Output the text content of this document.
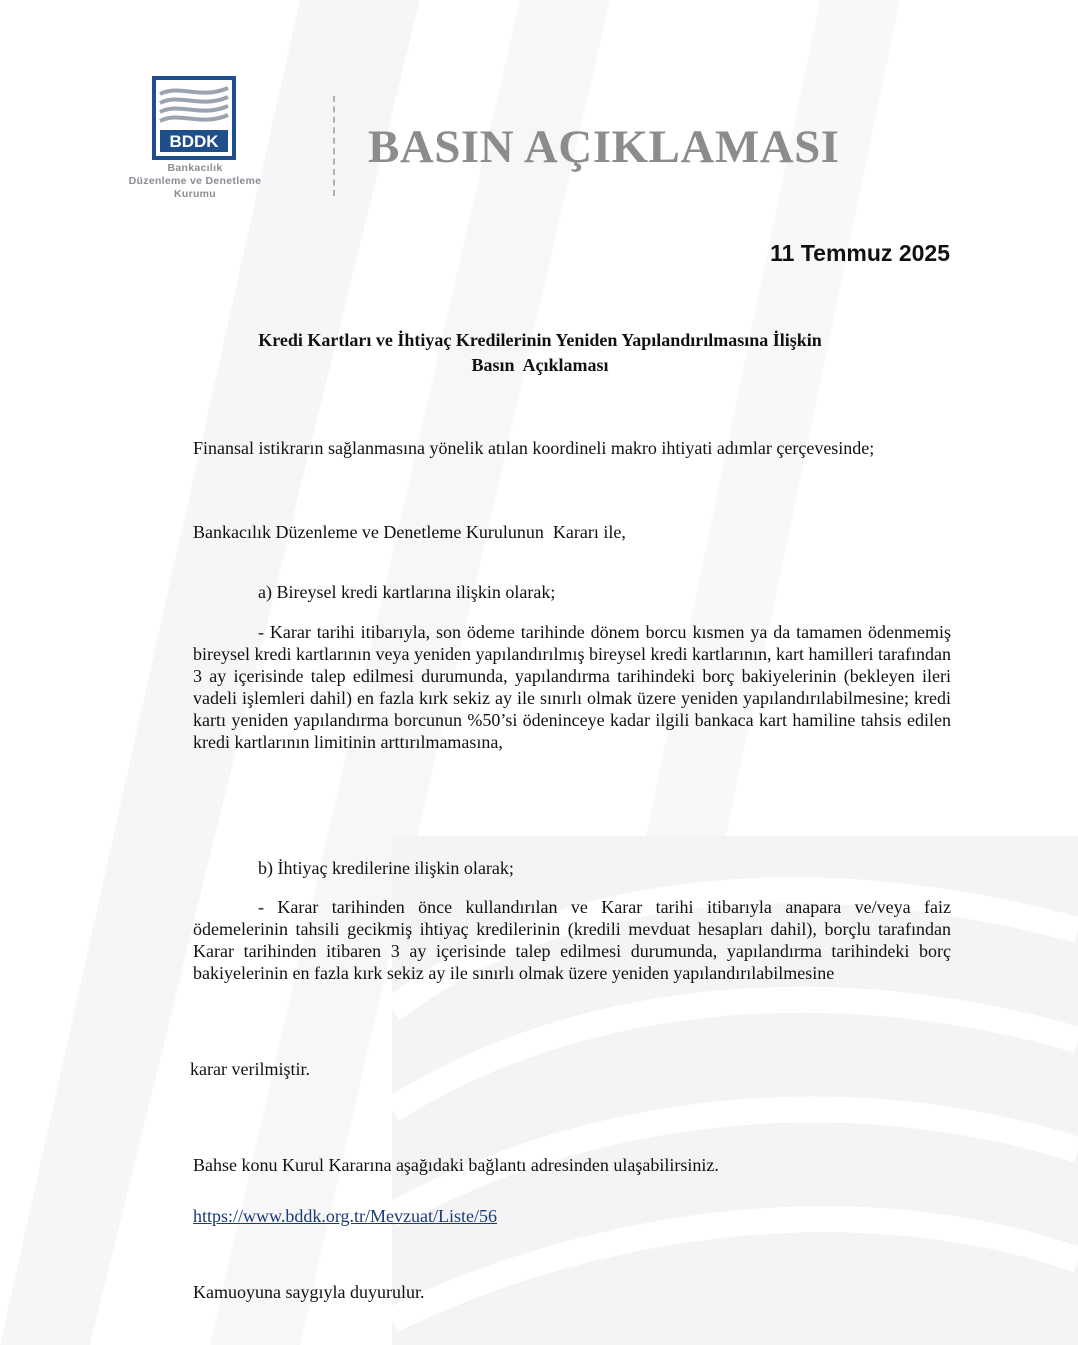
BDDK
Bankacılık
Düzenleme ve Denetleme
Kurumu
BASIN AÇIKLAMASI
11 Temmuz 2025
Kredi Kartları ve İhtiyaç Kredilerinin Yeniden Yapılandırılmasına İlişkin
Basın  Açıklaması
Finansal istikrarın sağlanmasına yönelik atılan koordineli makro ihtiyati adımlar çerçevesinde;
Bankacılık Düzenleme ve Denetleme Kurulunun  Kararı ile,
a) Bireysel kredi kartlarına ilişkin olarak;
- Karar tarihi itibarıyla, son ödeme tarihinde dönem borcu kısmen ya da tamamen ödenmemiş bireysel kredi kartlarının veya yeniden yapılandırılmış bireysel kredi kartlarının, kart hamilleri tarafından 3 ay içerisinde talep edilmesi durumunda, yapılandırma tarihindeki borç bakiyelerinin (bekleyen ileri vadeli işlemleri dahil) en fazla kırk sekiz ay ile sınırlı olmak üzere yeniden yapılandırılabilmesine; kredi kartı yeniden yapılandırma borcunun %50’si ödeninceye kadar ilgili bankaca kart hamiline tahsis edilen kredi kartlarının limitinin arttırılmamasına,
b) İhtiyaç kredilerine ilişkin olarak;
- Karar tarihinden önce kullandırılan ve Karar tarihi itibarıyla anapara ve/veya faiz ödemelerinin tahsili gecikmiş ihtiyaç kredilerinin (kredili mevduat hesapları dahil), borçlu tarafından Karar tarihinden itibaren 3 ay içerisinde talep edilmesi durumunda, yapılandırma tarihindeki borç bakiyelerinin en fazla kırk sekiz ay ile sınırlı olmak üzere yeniden yapılandırılabilmesine
karar verilmiştir.
Bahse konu Kurul Kararına aşağıdaki bağlantı adresinden ulaşabilirsiniz.
https://www.bddk.org.tr/Mevzuat/Liste/56
Kamuoyuna saygıyla duyurulur.
